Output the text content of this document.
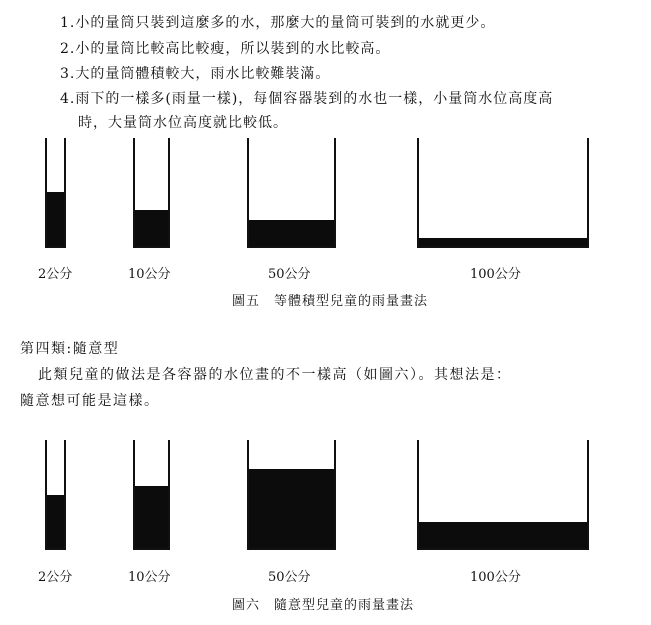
1.小的量筒只裝到這麼多的水，那麼大的量筒可裝到的水就更少。
2.小的量筒比較高比較瘦，所以裝到的水比較高。
3.大的量筒體積較大，雨水比較難裝滿。
4.雨下的一樣多(雨量一樣)，每個容器裝到的水也一樣，小量筒水位高度高
時，大量筒水位高度就比較低。
2公分	10公分	50公分	100公分
圖五　等體積型兒童的雨量畫法
第四類:隨意型
此類兒童的做法是各容器的水位畫的不一樣高（如圖六）。其想法是：
隨意想可能是這樣。
2公分	10公分	50公分	100公分
圖六　隨意型兒童的雨量畫法
